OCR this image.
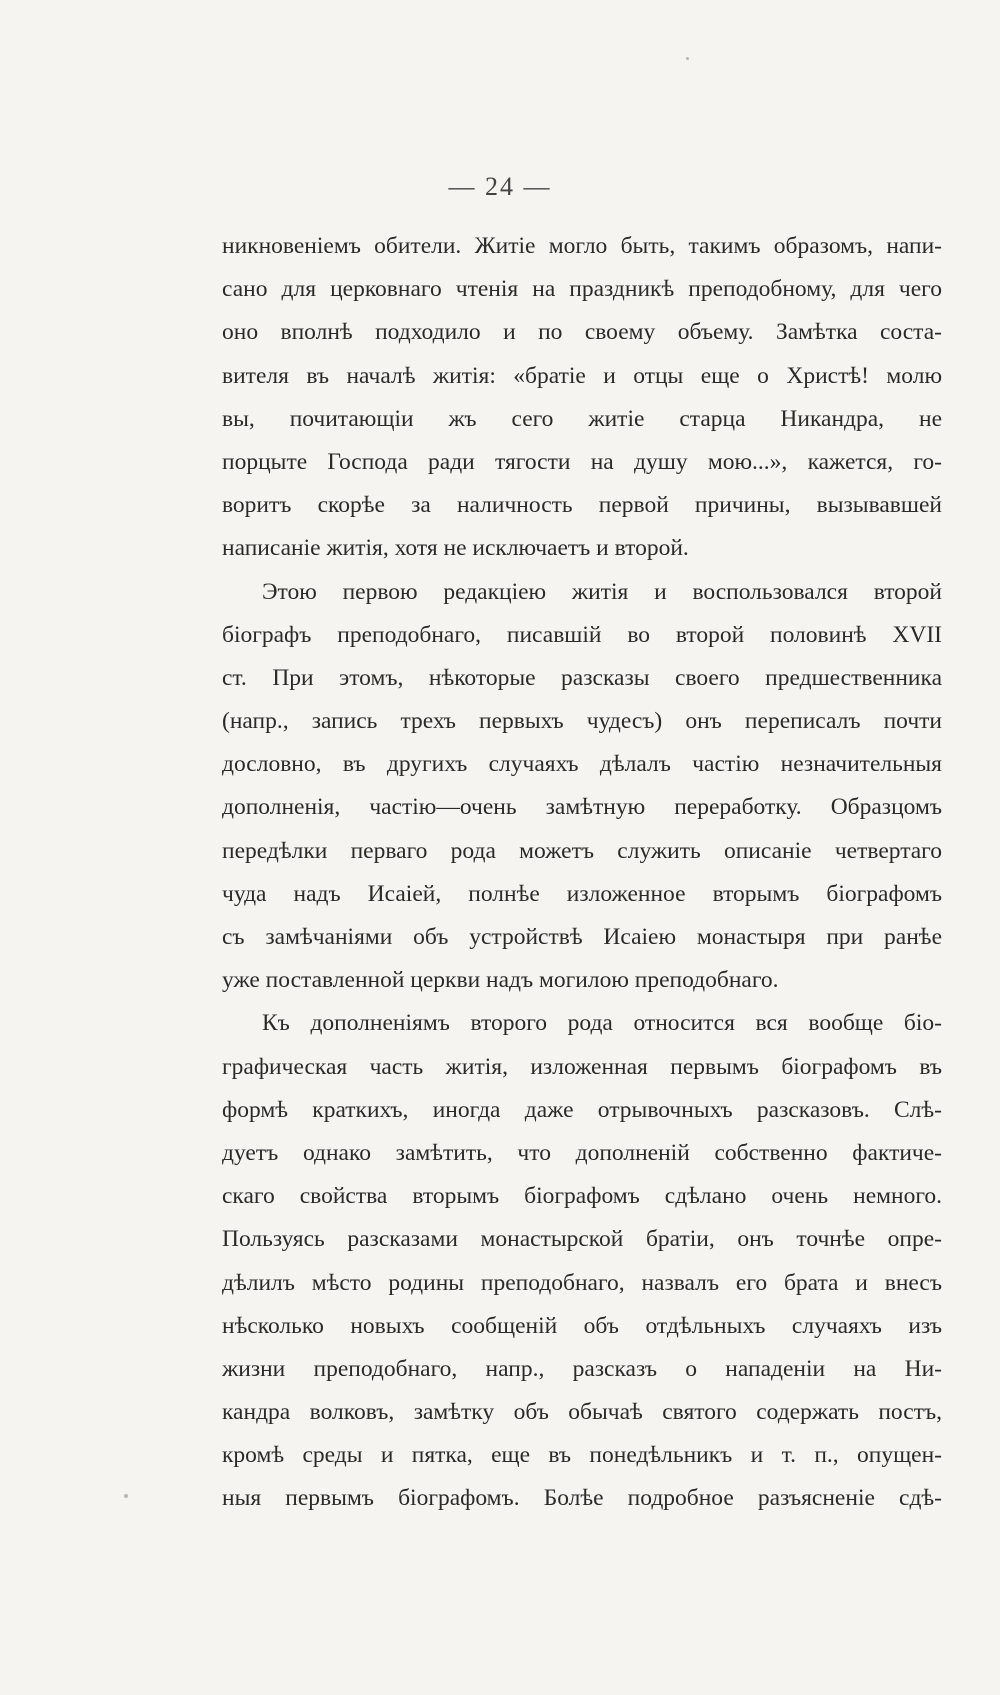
— 24 —
никновеніемъ обители. Житіе могло быть, такимъ образомъ, напи-
сано для церковнаго чтенія на праздникѣ преподобному, для чего
оно вполнѣ подходило и по своему объему. Замѣтка соста-
вителя въ началѣ житія: «братіе и отцы еще о Христѣ! молю
вы, почитающіи жъ сего житіе старца Никандра, не
порцыте Господа ради тягости на душу мою...», кажется, го-
воритъ скорѣе за наличность первой причины, вызывавшей
написаніе житія, хотя не исключаетъ и второй.
Этою первою редакціею житія и воспользовался второй
біографъ преподобнаго, писавшій во второй половинѣ XVII
ст. При этомъ, нѣкоторые разсказы своего предшественника
(напр., запись трехъ первыхъ чудесъ) онъ переписалъ почти
дословно, въ другихъ случаяхъ дѣлалъ частію незначительныя
дополненія, частію—очень замѣтную переработку. Образцомъ
передѣлки перваго рода можетъ служить описаніе четвертаго
чуда надъ Исаіей, полнѣе изложенное вторымъ біографомъ
съ замѣчаніями объ устройствѣ Исаіею монастыря при ранѣе
уже поставленной церкви надъ могилою преподобнаго.
Къ дополненіямъ второго рода относится вся вообще біо-
графическая часть житія, изложенная первымъ біографомъ въ
формѣ краткихъ, иногда даже отрывочныхъ разсказовъ. Слѣ-
дуетъ однако замѣтить, что дополненій собственно фактиче-
скаго свойства вторымъ біографомъ сдѣлано очень немного.
Пользуясь разсказами монастырской братіи, онъ точнѣе опре-
дѣлилъ мѣсто родины преподобнаго, назвалъ его брата и внесъ
нѣсколько новыхъ сообщеній объ отдѣльныхъ случаяхъ изъ
жизни преподобнаго, напр., разсказъ о нападеніи на Ни-
кандра волковъ, замѣтку объ обычаѣ святого содержать постъ,
кромѣ среды и пятка, еще въ понедѣльникъ и т. п., опущен-
ныя первымъ біографомъ. Болѣе подробное разъясненіе сдѣ-
